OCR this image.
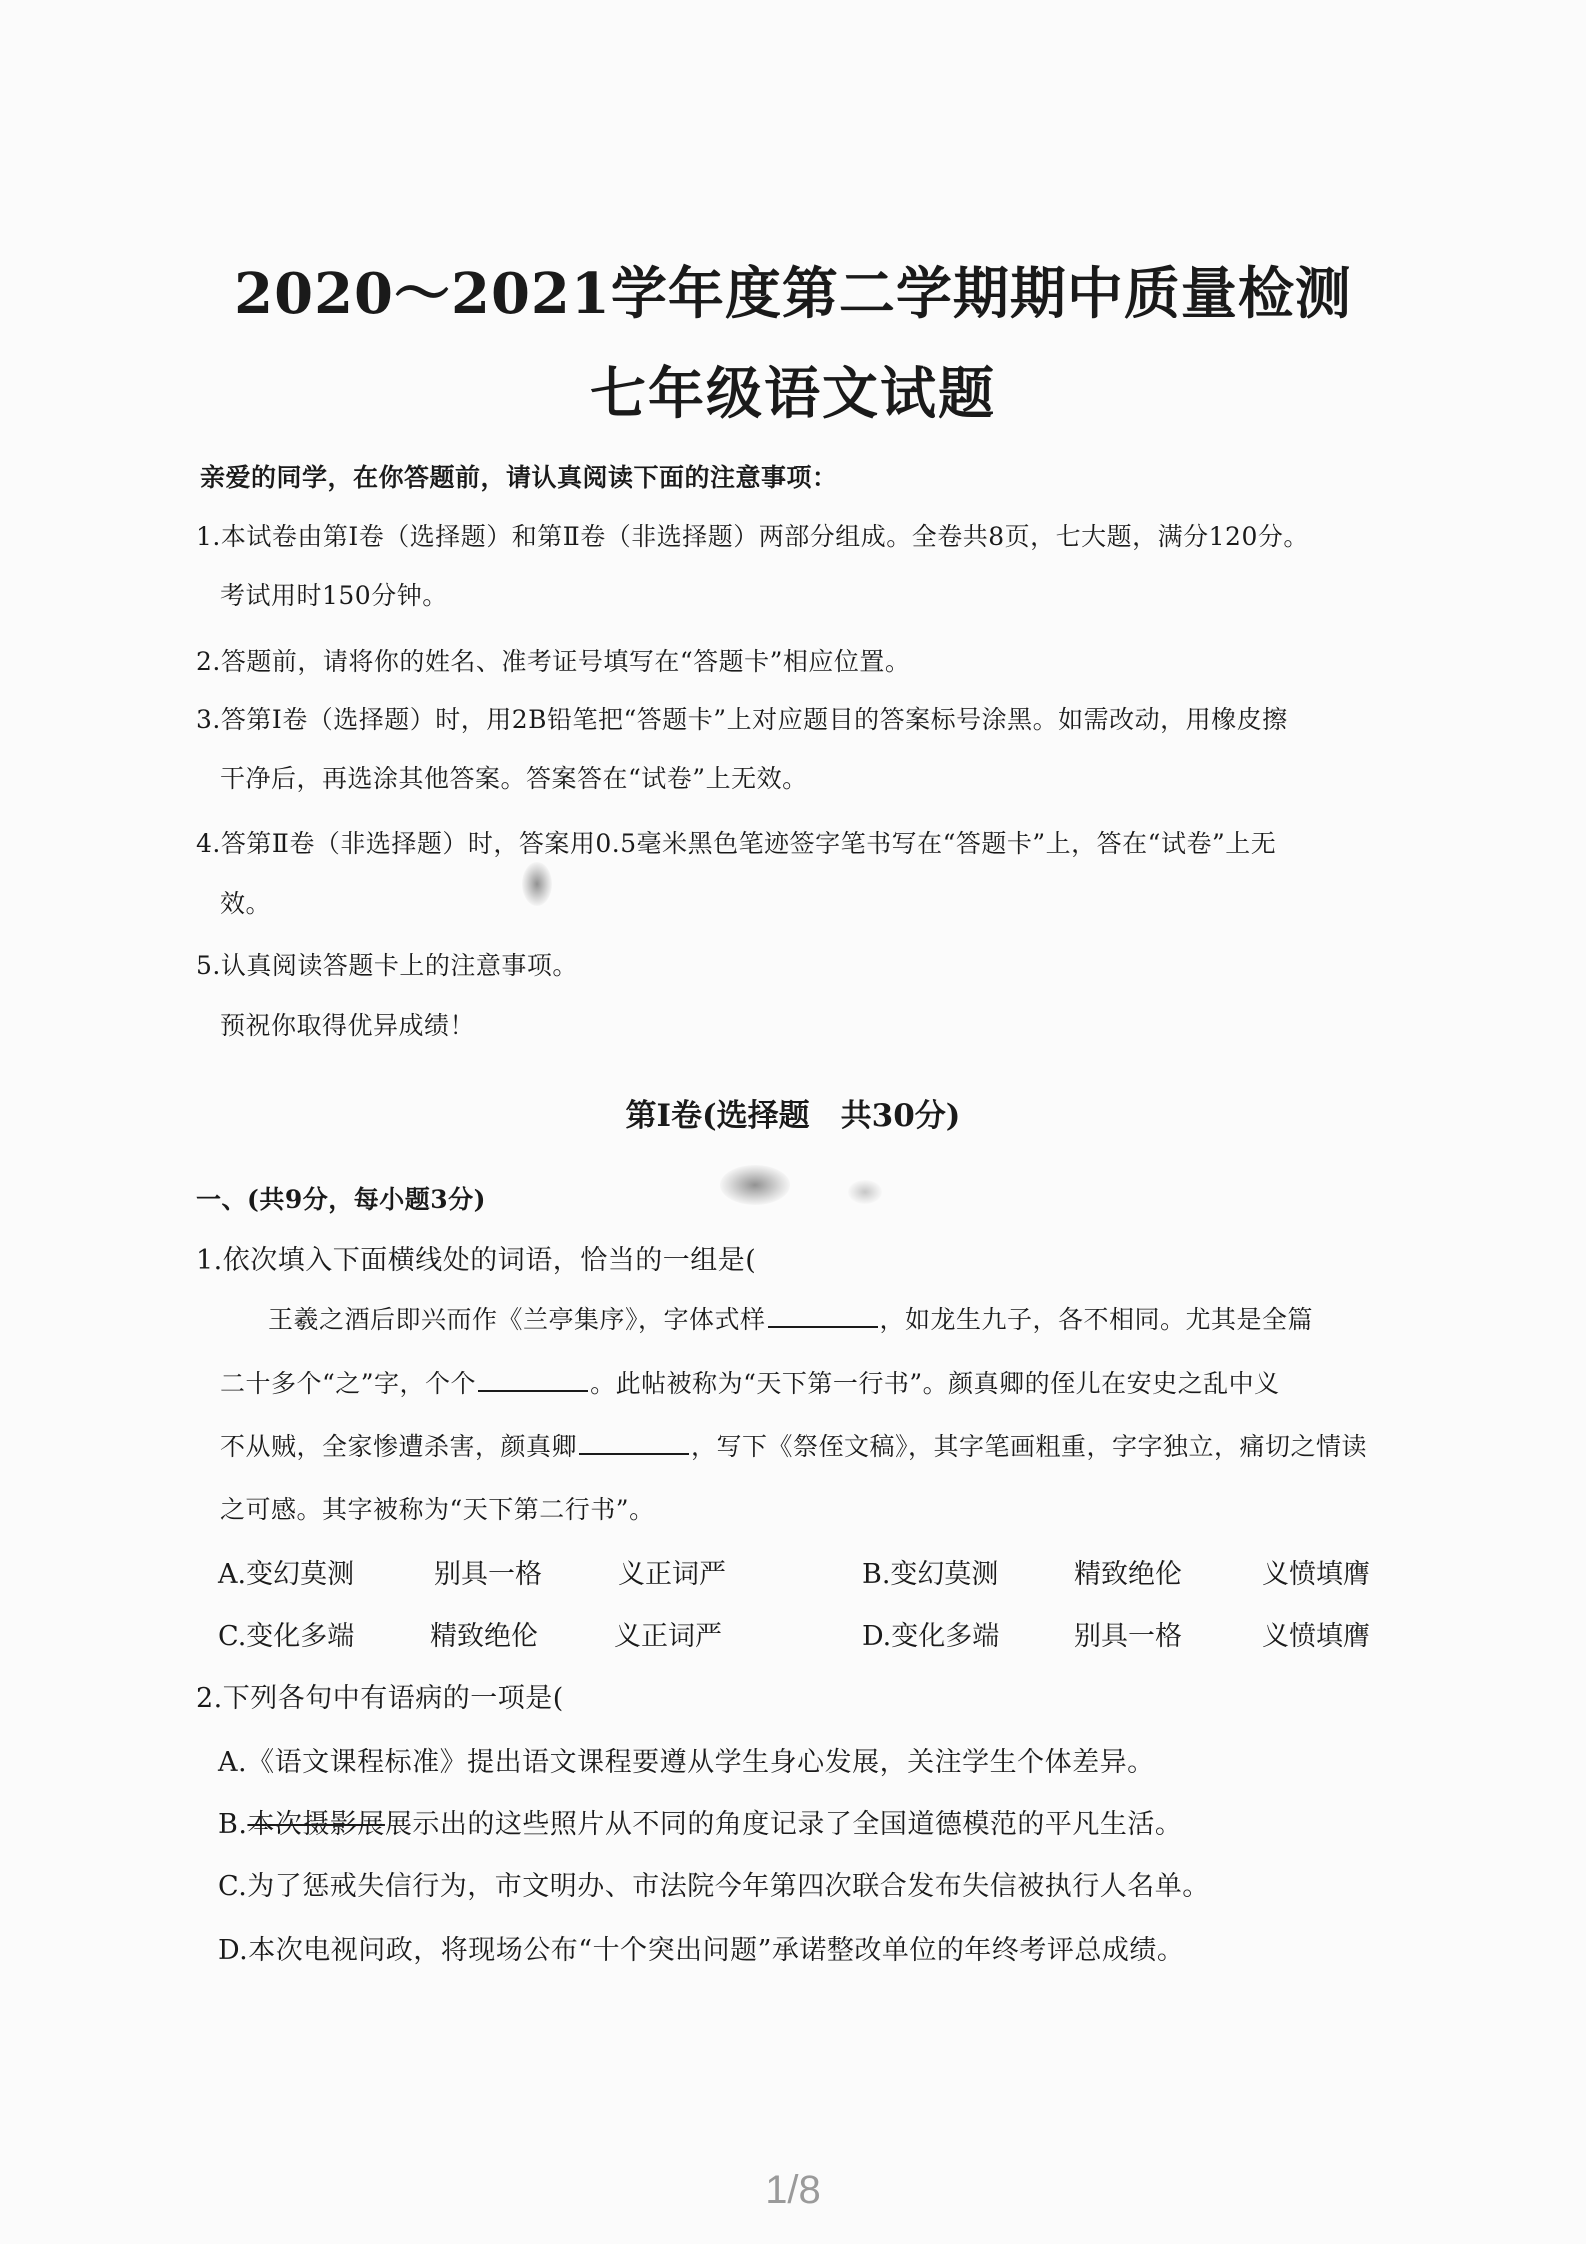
2020～2021学年度第二学期期中质量检测
七年级语文试题
亲爱的同学，在你答题前，请认真阅读下面的注意事项：
1.本试卷由第Ⅰ卷（选择题）和第Ⅱ卷（非选择题）两部分组成。全卷共8页，七大题，满分120分。
考试用时150分钟。
2.答题前，请将你的姓名、准考证号填写在“答题卡”相应位置。
3.答第Ⅰ卷（选择题）时，用2B铅笔把“答题卡”上对应题目的答案标号涂黑。如需改动，用橡皮擦
干净后，再选涂其他答案。答案答在“试卷”上无效。
4.答第Ⅱ卷（非选择题）时，答案用0.5毫米黑色笔迹签字笔书写在“答题卡”上，答在“试卷”上无
效。
5.认真阅读答题卡上的注意事项。
预祝你取得优异成绩！
第Ⅰ卷(选择题　共30分)
一、(共9分，每小题3分)
1.依次填入下面横线处的词语，恰当的一组是(
王羲之酒后即兴而作《兰亭集序》，字体式样	，如龙生九子，各不相同。尤其是全篇
二十多个“之”字，个个	。此帖被称为“天下第一行书”。颜真卿的侄儿在安史之乱中义
不从贼，全家惨遭杀害，颜真卿	，写下《祭侄文稿》，其字笔画粗重，字字独立，痛切之情读
之可感。其字被称为“天下第二行书”。
A.变幻莫测	别具一格	义正词严	B.变幻莫测	精致绝伦	义愤填膺
C.变化多端	精致绝伦	义正词严	D.变化多端	别具一格	义愤填膺
2.下列各句中有语病的一项是(
A.《语文课程标准》提出语文课程要遵从学生身心发展，关注学生个体差异。
B.本次摄影展展示出的这些照片从不同的角度记录了全国道德模范的平凡生活。
C.为了惩戒失信行为，市文明办、市法院今年第四次联合发布失信被执行人名单。
D.本次电视问政，将现场公布“十个突出问题”承诺整改单位的年终考评总成绩。
1/8
